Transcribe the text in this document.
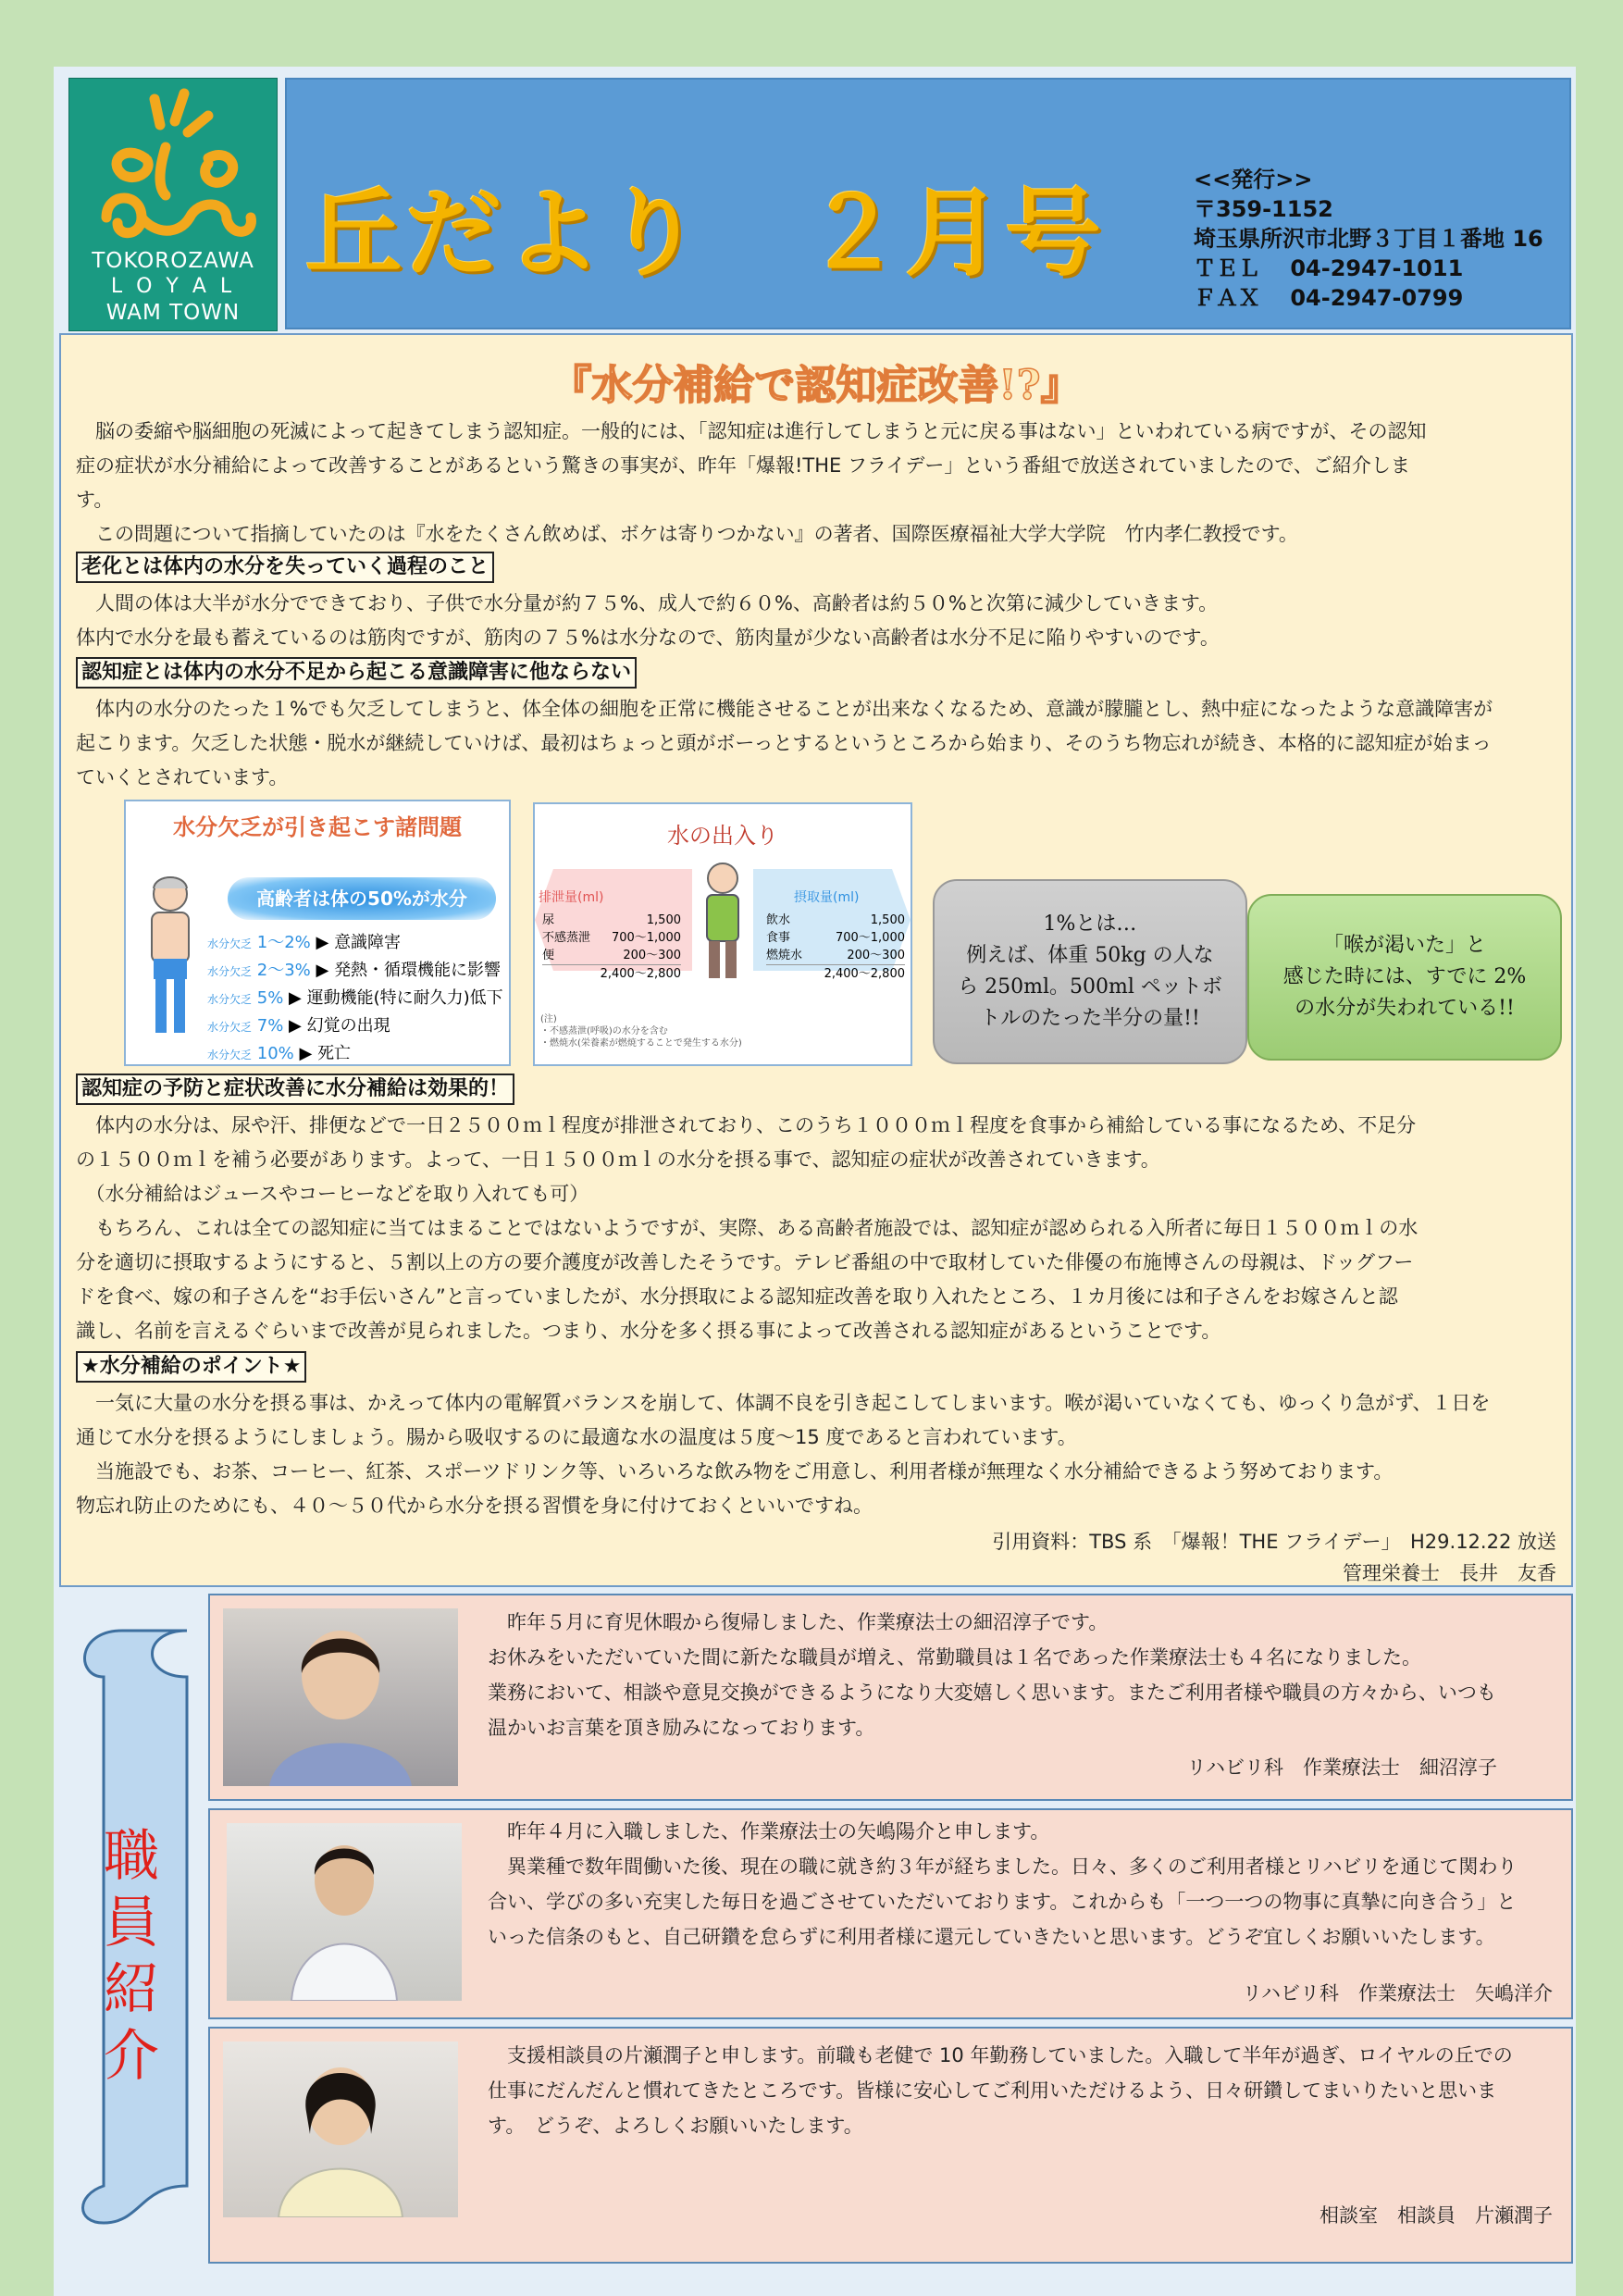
TOKOROZAWA
L O Y A L
WAM TOWN
丘だより　２月号	<<発行>>
〒359-1152
埼玉県所沢市北野３丁目１番地 16
ＴＥＬ　 04-2947-1011
ＦＡＸ　 04-2947-0799
『水分補給で認知症改善!?』

　脳の委縮や脳細胞の死滅によって起きてしまう認知症。一般的には、「認知症は進行してしまうと元に戻る事はない」といわれている病ですが、その認知

症の症状が水分補給によって改善することがあるという驚きの事実が、昨年「爆報!THE フライデー」という番組で放送されていましたので、ご紹介しま

す。

　この問題について指摘していたのは『水をたくさん飲めば、ボケは寄りつかない』の著者、国際医療福祉大学大学院　竹内孝仁教授です。

老化とは体内の水分を失っていく過程のこと

　人間の体は大半が水分でできており、子供で水分量が約７５%、成人で約６０%、高齢者は約５０%と次第に減少していきます。

体内で水分を最も蓄えているのは筋肉ですが、筋肉の７５%は水分なので、筋肉量が少ない高齢者は水分不足に陥りやすいのです。

認知症とは体内の水分不足から起こる意識障害に他ならない

　体内の水分のたった１%でも欠乏してしまうと、体全体の細胞を正常に機能させることが出来なくなるため、意識が朦朧とし、熱中症になったような意識障害が

起こります。欠乏した状態・脱水が継続していけば、最初はちょっと頭がボーっとするというところから始まり、そのうち物忘れが続き、本格的に認知症が始まっ

ていくとされています。

水分欠乏が引き起こす諸問題
高齢者は体の50%が水分
水分欠乏 1〜2% ▶ 意識障害
水分欠乏 2〜3% ▶ 発熱・循環機能に影響
水分欠乏 5% ▶ 運動機能(特に耐久力)低下
水分欠乏 7% ▶ 幻覚の出現
水分欠乏 10% ▶ 死亡
水の出入り
排泄量(ml)	摂取量(ml)
尿	1,500
不感蒸泄 700〜1,000
便	200〜300
2,400〜2,800
飲水	1,500
食事	700〜1,000
燃焼水	200〜300
2,400〜2,800
(注)
・不感蒸泄(呼吸)の水分を含む
・燃焼水(栄養素が燃焼することで発生する水分)
1%とは…
例えば、体重 50kg の人な
ら 250ml。500ml ペットボ
トルのたった半分の量!!
「喉が渇いた」と
感じた時には、すでに 2%
の水分が失われている!!
認知症の予防と症状改善に水分補給は効果的！

　体内の水分は、尿や汗、排便などで一日２５００ｍｌ程度が排泄されており、このうち１０００ｍｌ程度を食事から補給している事になるため、不足分

の１５００ｍｌを補う必要があります。よって、一日１５００ｍｌの水分を摂る事で、認知症の症状が改善されていきます。

　（水分補給はジュースやコーヒーなどを取り入れても可）

　もちろん、これは全ての認知症に当てはまることではないようですが、実際、ある高齢者施設では、認知症が認められる入所者に毎日１５００ｍｌの水

分を適切に摂取するようにすると、５割以上の方の要介護度が改善したそうです。テレビ番組の中で取材していた俳優の布施博さんの母親は、ドッグフー

ドを食べ、嫁の和子さんを“お手伝いさん”と言っていましたが、水分摂取による認知症改善を取り入れたところ、１カ月後には和子さんをお嫁さんと認

識し、名前を言えるぐらいまで改善が見られました。つまり、水分を多く摂る事によって改善される認知症があるということです。

★水分補給のポイント★

　一気に大量の水分を摂る事は、かえって体内の電解質バランスを崩して、体調不良を引き起こしてしまいます。喉が渇いていなくても、ゆっくり急がず、１日を

通じて水分を摂るようにしましょう。腸から吸収するのに最適な水の温度は５度〜15 度であると言われています。

　当施設でも、お茶、コーヒー、紅茶、スポーツドリンク等、いろいろな飲み物をご用意し、利用者様が無理なく水分補給できるよう努めております。

物忘れ防止のためにも、４０〜５０代から水分を摂る習慣を身に付けておくといいですね。

引用資料：TBS 系　「爆報！THE フライデー」　H29.12.22 放送
管理栄養士　長井　友香
職員紹介

　昨年５月に育児休暇から復帰しました、作業療法士の細沼淳子です。

お休みをいただいていた間に新たな職員が増え、常勤職員は１名であった作業療法士も４名になりました。

業務において、相談や意見交換ができるようになり大変嬉しく思います。またご利用者様や職員の方々から、いつも

温かいお言葉を頂き励みになっております。

リハビリ科　作業療法士　細沼淳子

　昨年４月に入職しました、作業療法士の矢嶋陽介と申します。

　異業種で数年間働いた後、現在の職に就き約３年が経ちました。日々、多くのご利用者様とリハビリを通じて関わり

合い、学びの多い充実した毎日を過ごさせていただいております。これからも「一つ一つの物事に真摯に向き合う」と

いった信条のもと、自己研鑽を怠らずに利用者様に還元していきたいと思います。どうぞ宜しくお願いいたします。

リハビリ科　作業療法士　矢嶋洋介

　支援相談員の片瀬潤子と申します。前職も老健で 10 年勤務していました。入職して半年が過ぎ、ロイヤルの丘での

仕事にだんだんと慣れてきたところです。皆様に安心してご利用いただけるよう、日々研鑽してまいりたいと思いま

す。　どうぞ、よろしくお願いいたします。

相談室　相談員　片瀬潤子
